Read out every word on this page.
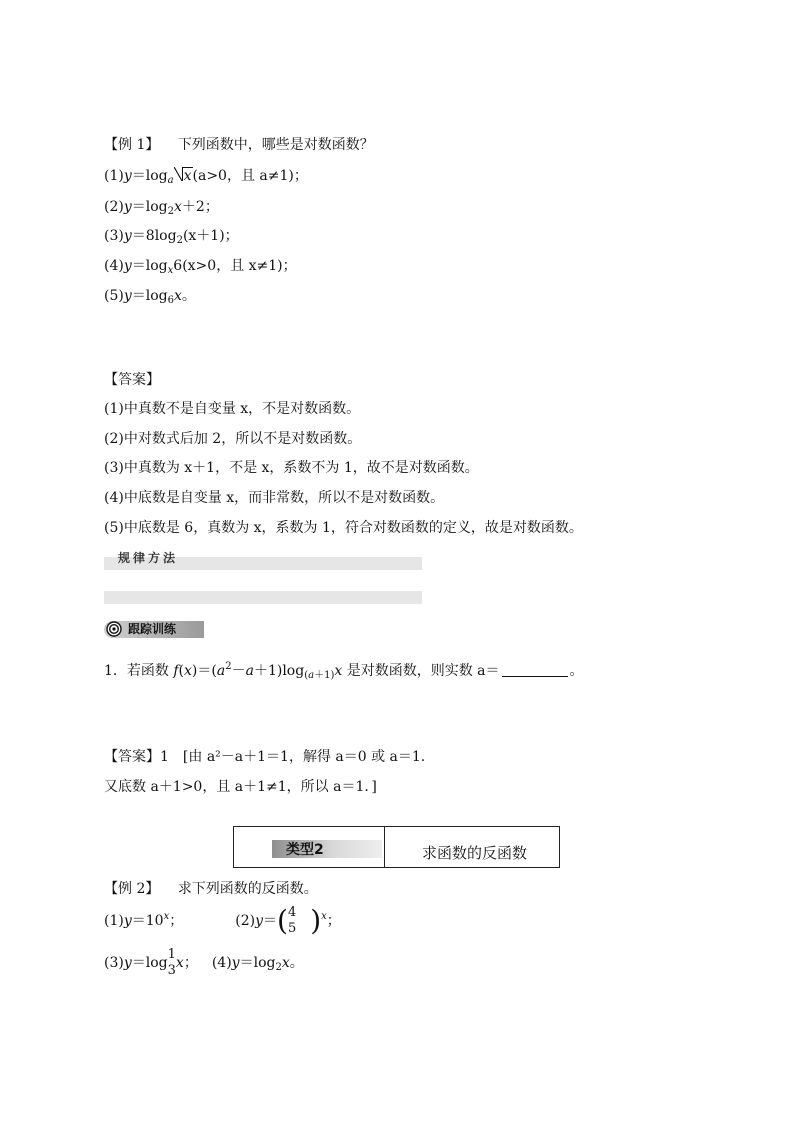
【例 1】 下列函数中，哪些是对数函数？
$(1)y=\log_a$ x(a>0，且 a≠1)；
$(2)y=\log_2x+2$；
$(3)y=8\log_2(x+1)$；
$(4)y=\log_x6(x>0$，且 x≠1)；
$(5)y=\log_6x$。
【答案】
(1)中真数不是自变量 x，不是对数函数。
(2)中对数式后加 2，所以不是对数函数。
(3)中真数为 x＋1，不是 x，系数不为 1，故不是对数函数。
(4)中底数是自变量 x，而非常数，所以不是对数函数。
(5)中底数是 6，真数为 x，系数为 1，符合对数函数的定义，故是对数函数。
规律方法
跟踪训练
1．若函数 $f(x)=(a^2-a+1)\log_{(a+1)}x$ 是对数函数，则实数 a＝	。
【答案】1 [由 a²－a＋1＝1，解得 a＝0 或 a＝1.
又底数 a＋1>0，且 a＋1≠1，所以 a＝1．]
类型2	求函数的反函数
【例 2】 求下列函数的反函数。
$(1)y=10^x$；	(2)y＝( 4
5 )$^x$；
(3)y＝log
1
3 x； $(4)y=\log_2x$。
